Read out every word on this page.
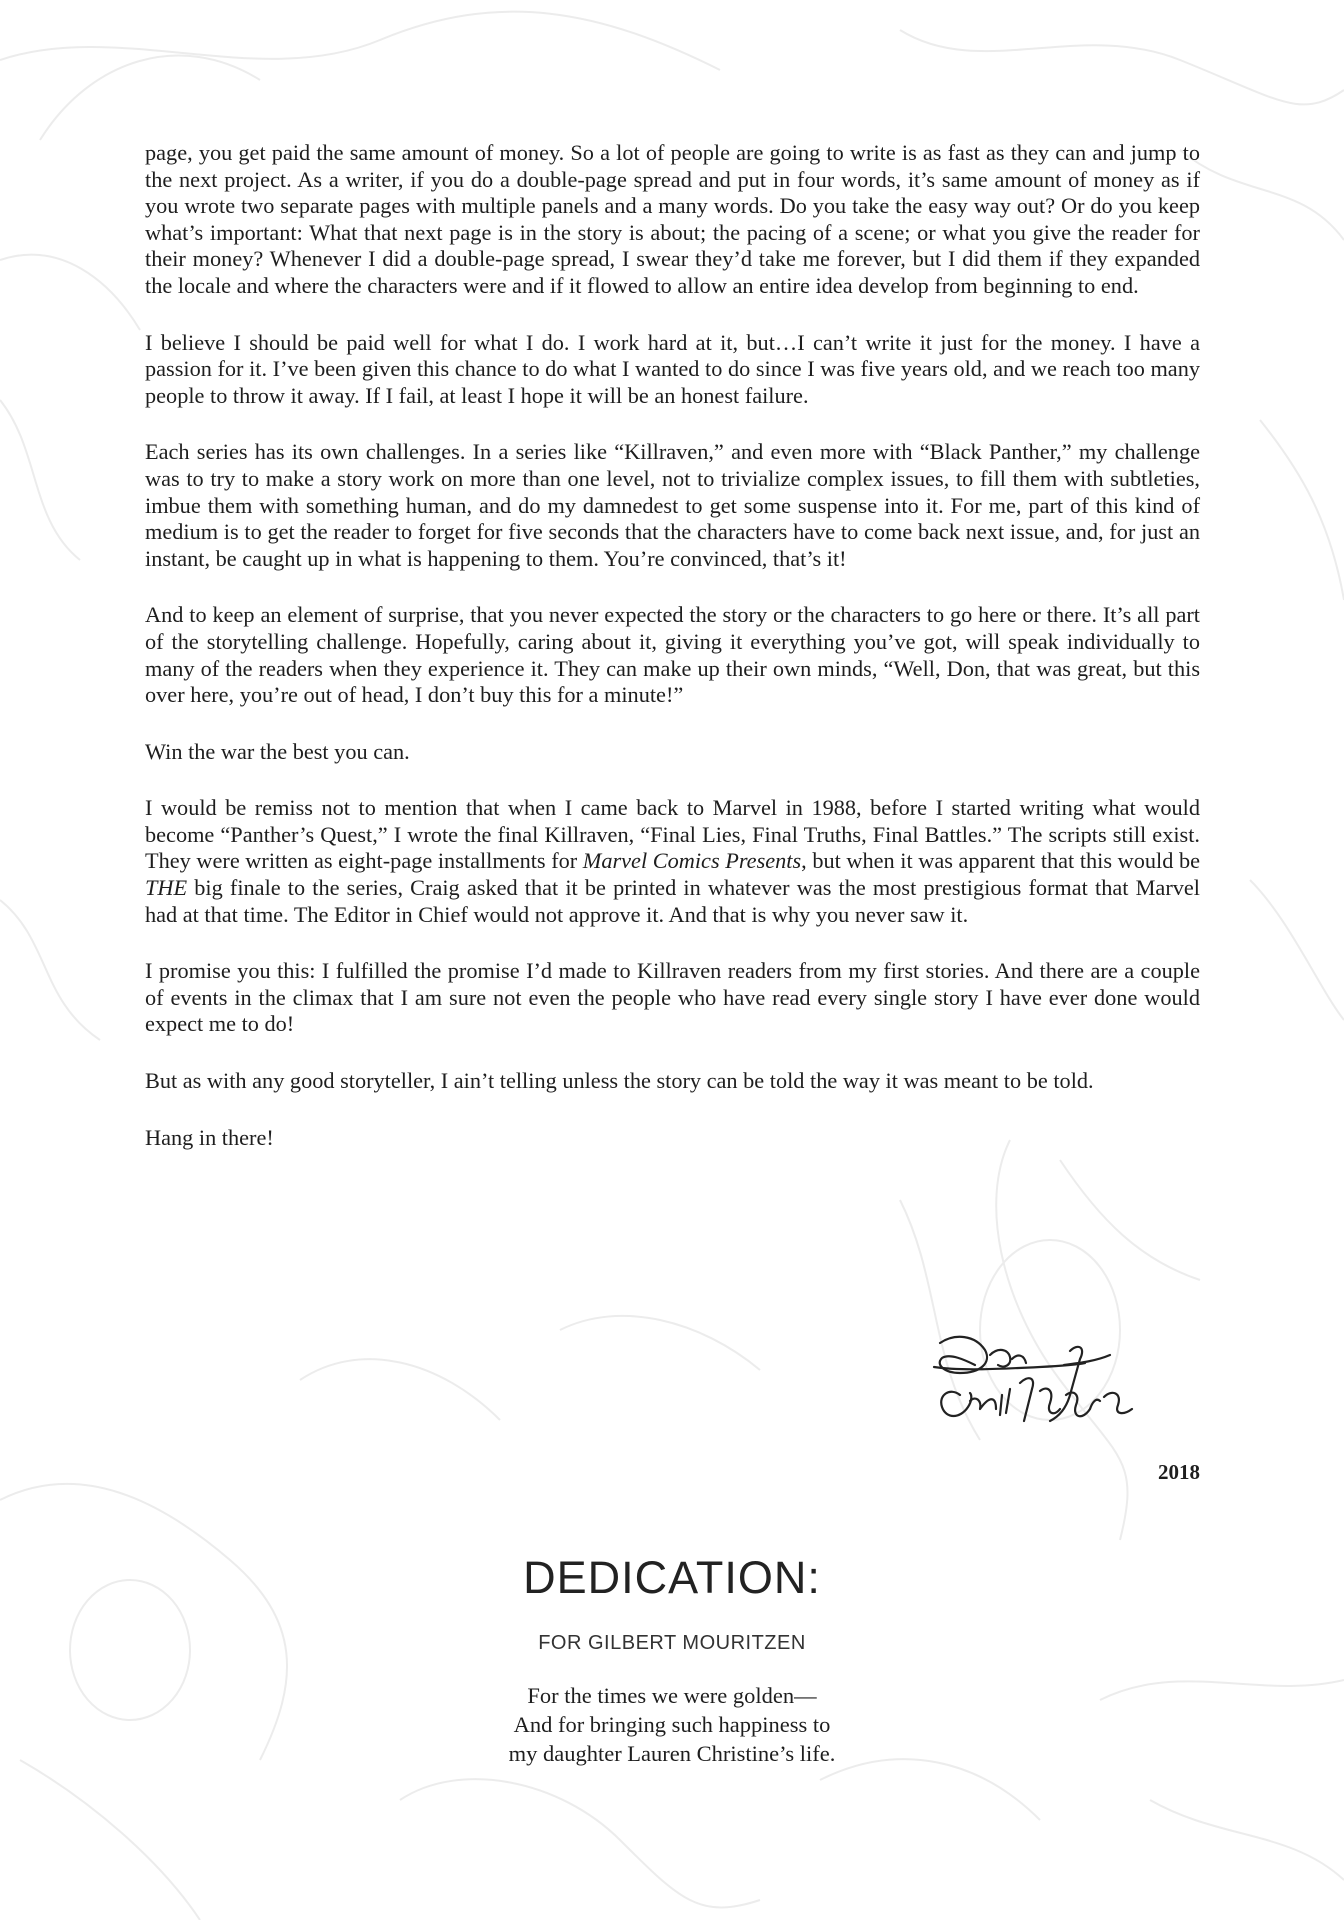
page, you get paid the same amount of money. So a lot of people are going to write is as fast as they can and jump to the next project. As a writer, if you do a double-page spread and put in four words, it’s same amount of money as if you wrote two separate pages with multiple panels and a many words. Do you take the easy way out? Or do you keep what’s important: What that next page is in the story is about; the pacing of a scene; or what you give the reader for their money? Whenever I did a double-page spread, I swear they’d take me forever, but I did them if they expanded the locale and where the characters were and if it flowed to allow an entire idea develop from beginning to end.

I believe I should be paid well for what I do. I work hard at it, but…I can’t write it just for the money. I have a passion for it. I’ve been given this chance to do what I wanted to do since I was five years old, and we reach too many people to throw it away. If I fail, at least I hope it will be an honest failure.

Each series has its own challenges. In a series like “Killraven,” and even more with “Black Panther,” my challenge was to try to make a story work on more than one level, not to trivialize complex issues, to fill them with subtleties, imbue them with something human, and do my damnedest to get some suspense into it. For me, part of this kind of medium is to get the reader to forget for five seconds that the characters have to come back next issue, and, for just an instant, be caught up in what is happening to them. You’re convinced, that’s it!

And to keep an element of surprise, that you never expected the story or the characters to go here or there. It’s all part of the storytelling challenge. Hopefully, caring about it, giving it everything you’ve got, will speak individually to many of the readers when they experience it. They can make up their own minds, “Well, Don, that was great, but this over here, you’re out of head, I don’t buy this for a minute!”

Win the war the best you can.

I would be remiss not to mention that when I came back to Marvel in 1988, before I started writing what would become “Panther’s Quest,” I wrote the final Killraven, “Final Lies, Final Truths, Final Battles.” The scripts still exist. They were written as eight-page installments for Marvel Comics Presents, but when it was apparent that this would be THE big finale to the series, Craig asked that it be printed in whatever was the most prestigious format that Marvel had at that time. The Editor in Chief would not approve it. And that is why you never saw it.

I promise you this: I fulfilled the promise I’d made to Killraven readers from my first stories. And there are a couple of events in the climax that I am sure not even the people who have read every single story I have ever done would expect me to do!

But as with any good storyteller, I ain’t telling unless the story can be told the way it was meant to be told.

Hang in there!

2018
DEDICATION:
FOR GILBERT MOURITZEN
For the times we were golden—
And for bringing such happiness to
my daughter Lauren Christine’s life.
